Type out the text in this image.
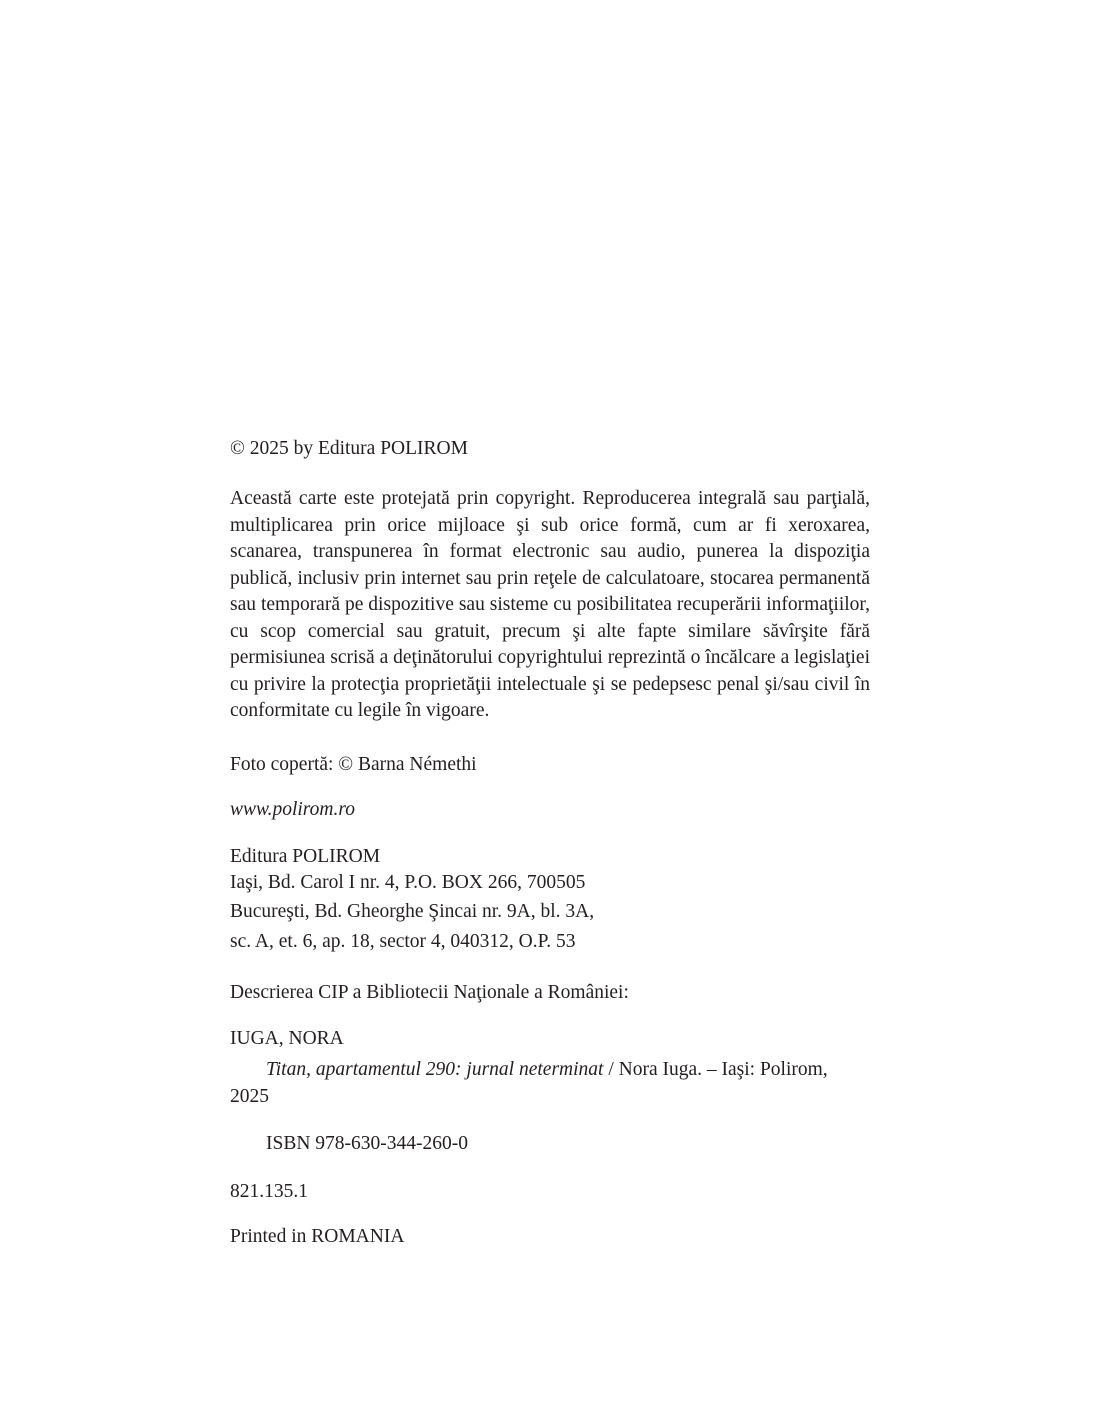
© 2025 by Editura POLIROM

Această carte este protejată prin copyright. Reproducerea integrală sau parţială, multiplicarea prin orice mijloace şi sub orice formă, cum ar fi xeroxarea, scanarea, transpunerea în format electronic sau audio, punerea la dispoziţia publică, inclusiv prin internet sau prin reţele de calculatoare, stocarea permanentă sau temporară pe dispozitive sau sisteme cu posibilitatea recuperării informaţiilor, cu scop comercial sau gratuit, precum şi alte fapte similare săvîrşite fără permisiunea scrisă a deţinătorului copyrightului reprezintă o încălcare a legislaţiei cu privire la protecţia proprietăţii intelectuale şi se pedepsesc penal şi/sau civil în conformitate cu legile în vigoare.

Foto copertă: © Barna Némethi

www.polirom.ro

Editura POLIROM
Iaşi, Bd. Carol I nr. 4, P.O. BOX 266, 700505
Bucureşti, Bd. Gheorghe Şincai nr. 9A, bl. 3A,
sc. A, et. 6, ap. 18, sector 4, 040312, O.P. 53

Descrierea CIP a Bibliotecii Naţionale a României:

IUGA, NORA

Titan, apartamentul 290: jurnal neterminat / Nora Iuga. – Iaşi: Polirom, 2025

ISBN 978-630-344-260-0

821.135.1

Printed in ROMANIA
